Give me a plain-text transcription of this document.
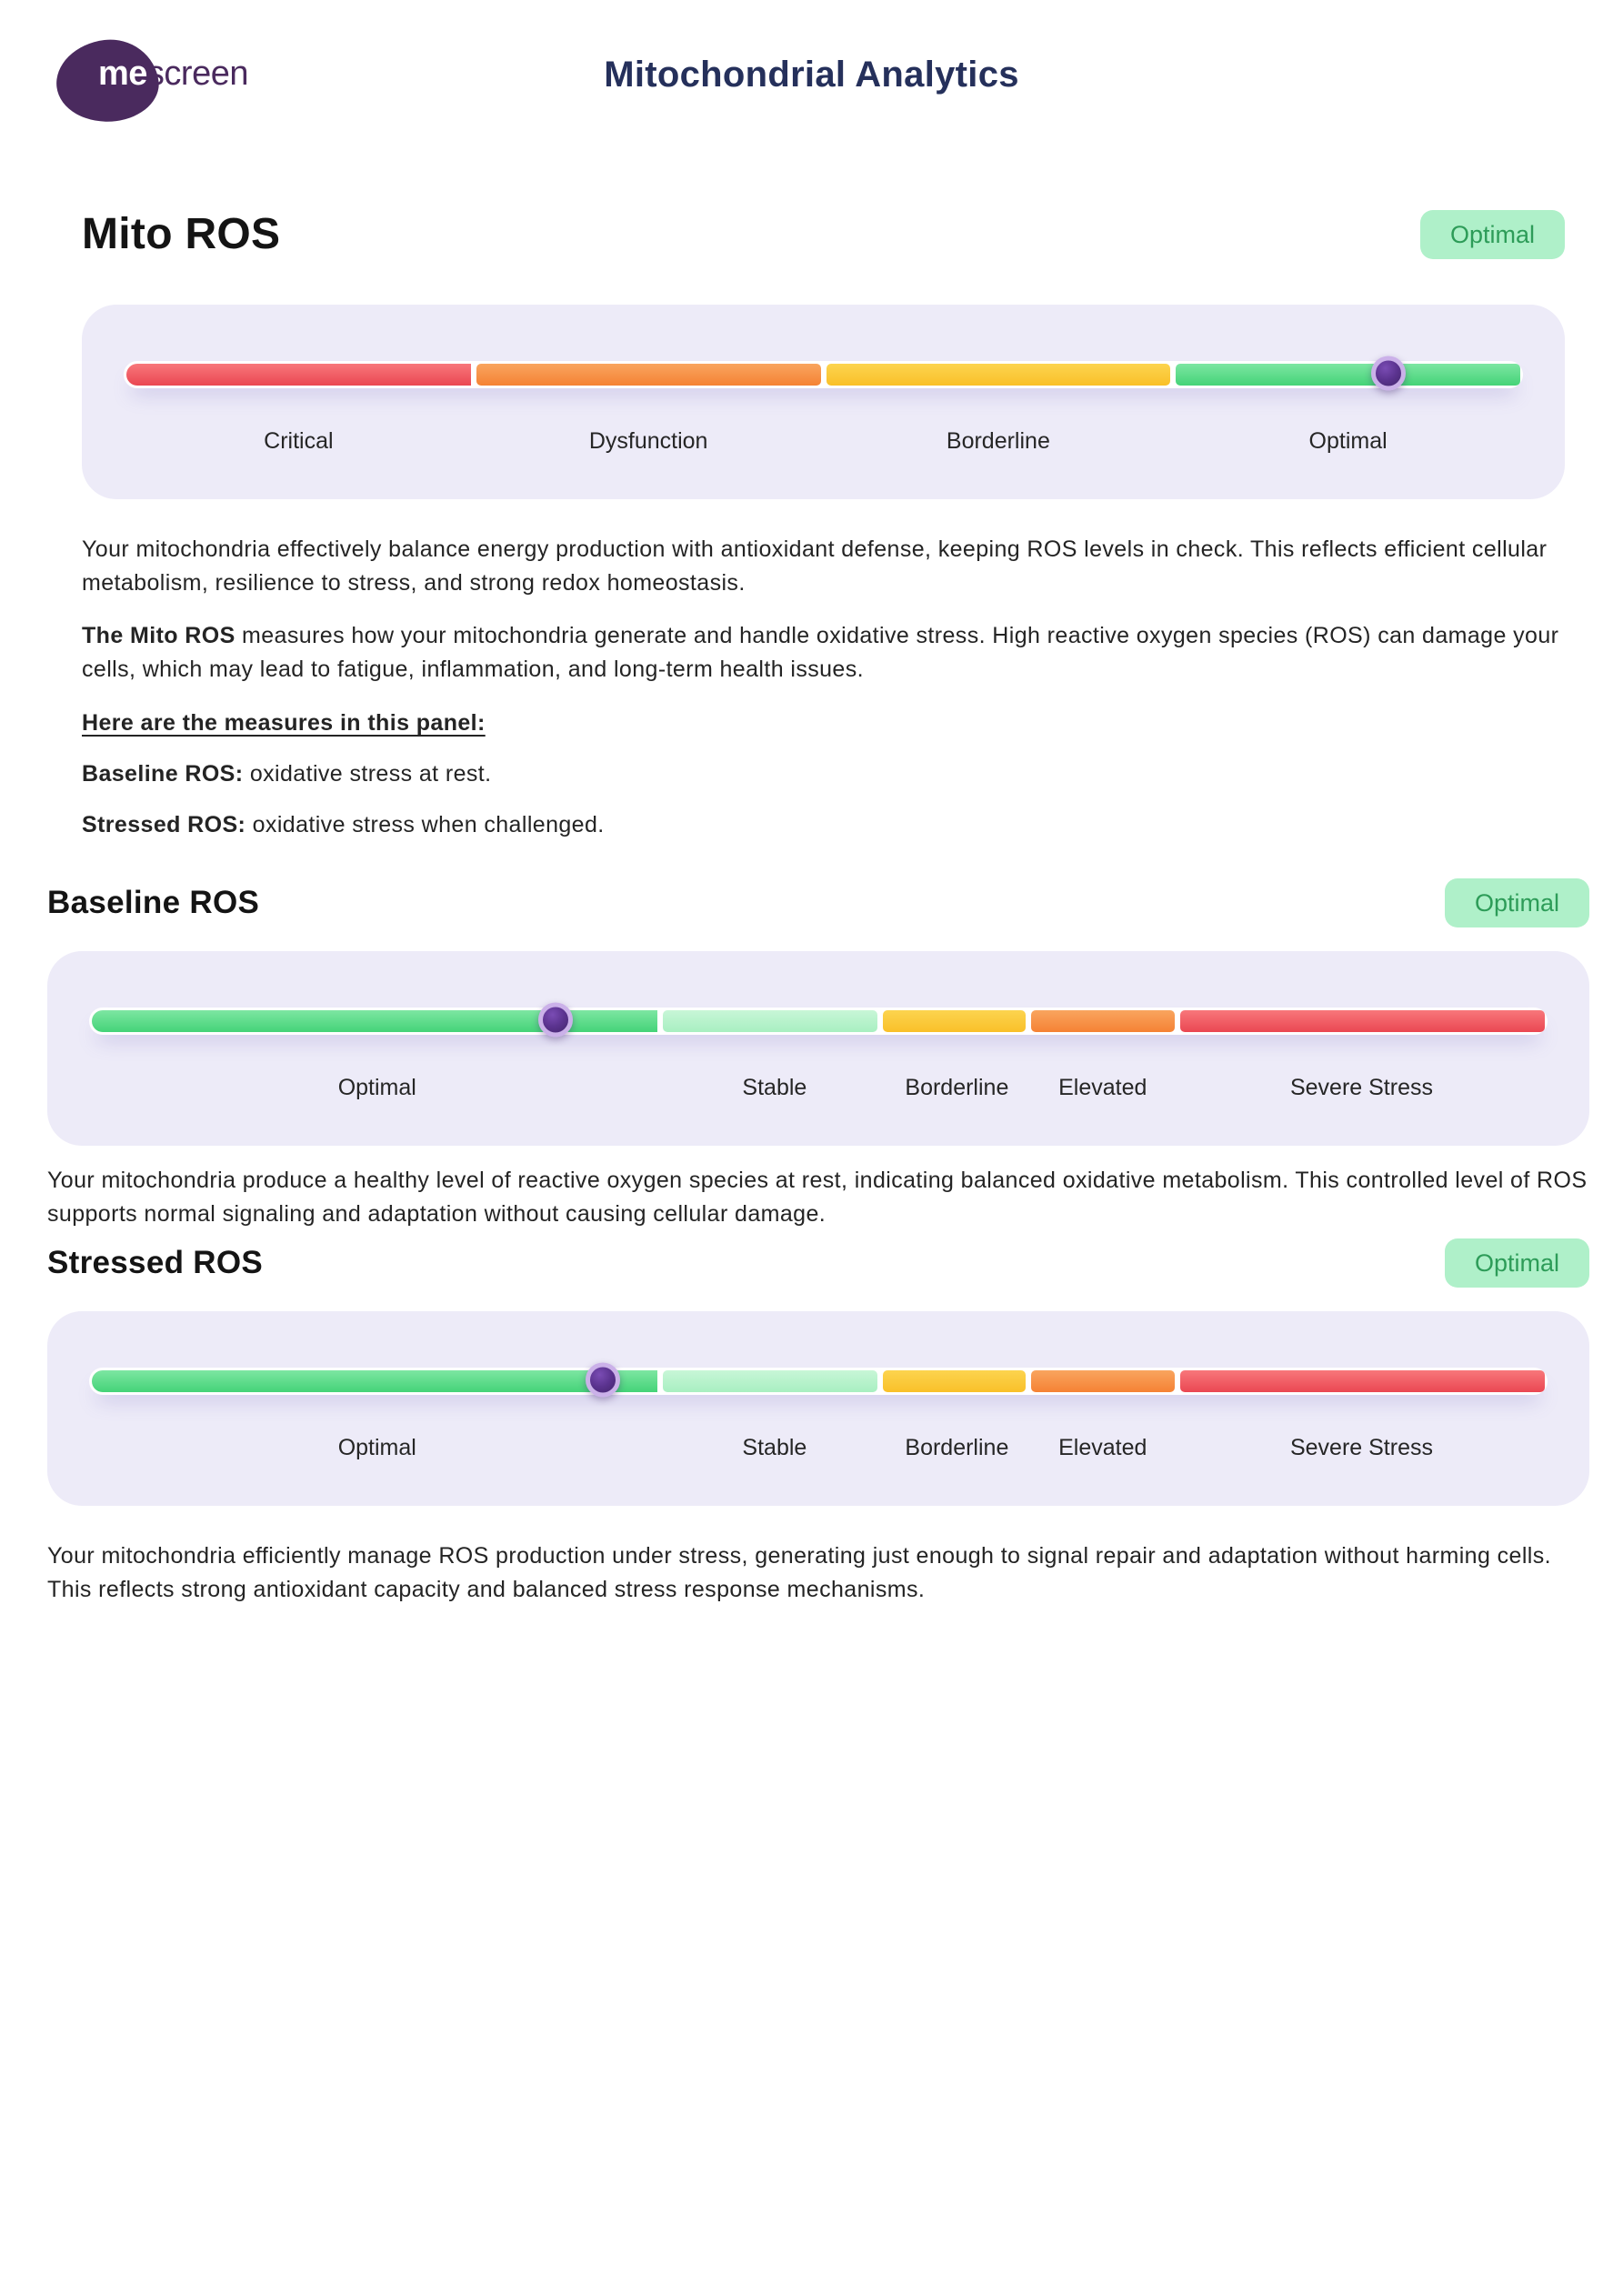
mescreen	Mitochondrial Analytics
Mito ROS	Optimal
Critical	Dysfunction	Borderline	Optimal

Your mitochondria effectively balance energy production with antioxidant defense, keeping ROS levels in check. This reflects efficient cellular metabolism, resilience to stress, and strong redox homeostasis.

The Mito ROS measures how your mitochondria generate and handle oxidative stress. High reactive oxygen species (ROS) can damage your cells, which may lead to fatigue, inflammation, and long-term health issues.

Here are the measures in this panel:

Baseline ROS: oxidative stress at rest.

Stressed ROS: oxidative stress when challenged.

Baseline ROS	Optimal
Optimal	Stable	Borderline Elevated	Severe Stress

Your mitochondria produce a healthy level of reactive oxygen species at rest, indicating balanced oxidative metabolism. This controlled level of ROS supports normal signaling and adaptation without causing cellular damage.

Stressed ROS	Optimal
Optimal	Stable	Borderline Elevated	Severe Stress

Your mitochondria efficiently manage ROS production under stress, generating just enough to signal repair and adaptation without harming cells. This reflects strong antioxidant capacity and balanced stress response mechanisms.
